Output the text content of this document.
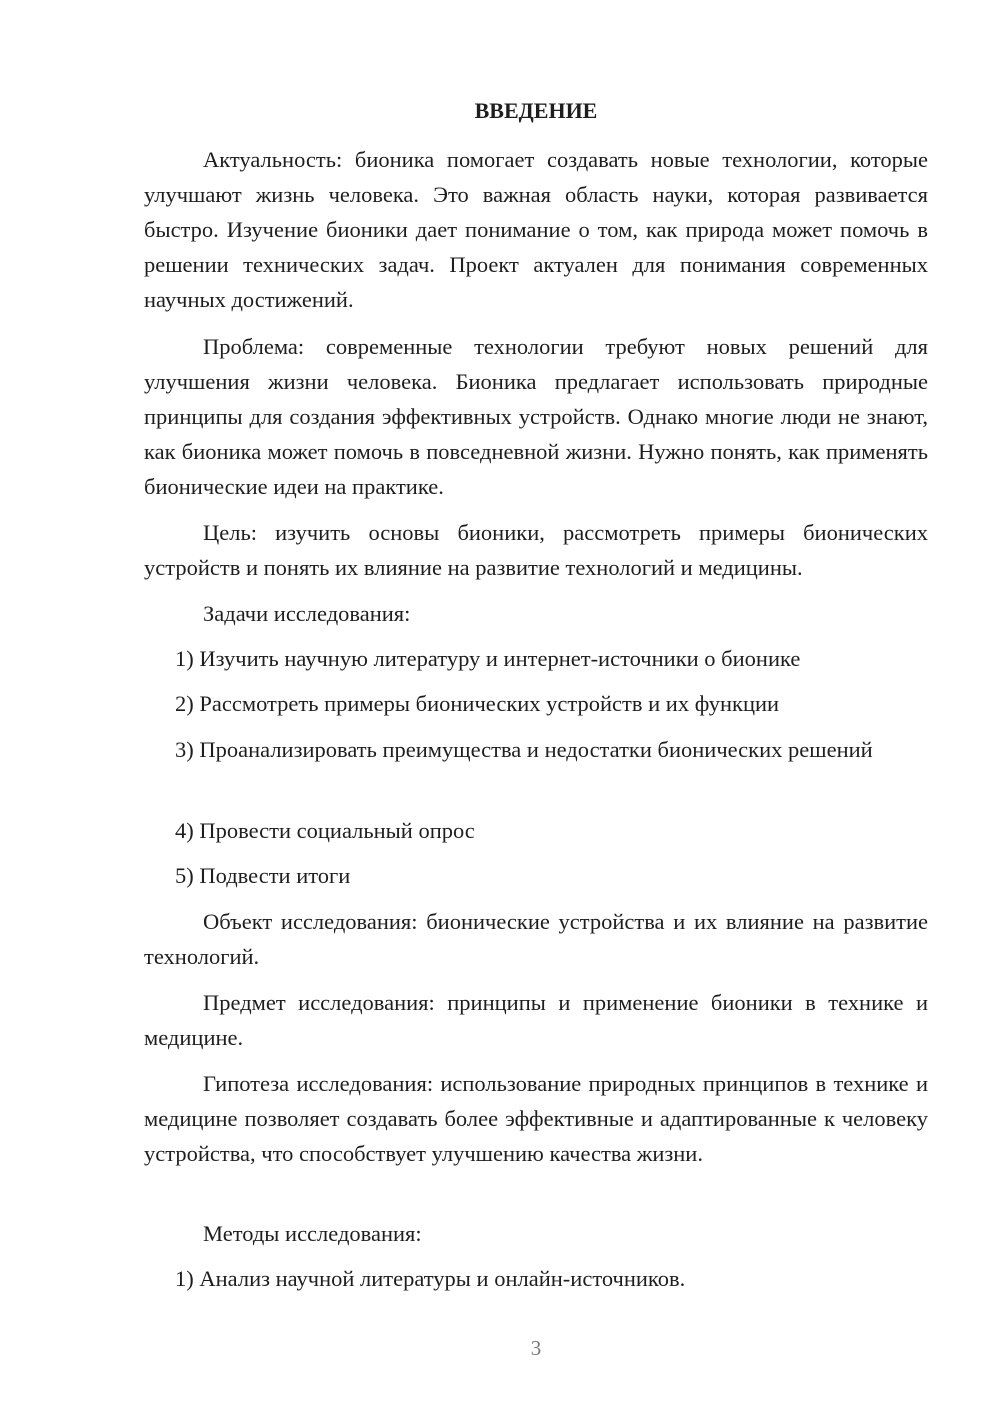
ВВЕДЕНИЕ

Актуальность: бионика помогает создавать новые технологии, которые улучшают жизнь человека. Это важная область науки, которая развивается быстро. Изучение бионики дает понимание о том, как природа может помочь в решении технических задач. Проект актуален для понимания современных научных достижений.

Проблема: современные технологии требуют новых решений для улучшения жизни человека. Бионика предлагает использовать природные принципы для создания эффективных устройств. Однако многие люди не знают, как бионика может помочь в повседневной жизни. Нужно понять, как применять бионические идеи на практике.

Цель: изучить основы бионики, рассмотреть примеры бионических устройств и понять их влияние на развитие технологий и медицины.

Задачи исследования:

1) Изучить научную литературу и интернет-источники о бионике

2) Рассмотреть примеры бионических устройств и их функции

3) Проанализировать преимущества и недостатки бионических решений

4) Провести социальный опрос

5) Подвести итоги

Объект исследования: бионические устройства и их влияние на развитие технологий.

Предмет исследования: принципы и применение бионики в технике и медицине.

Гипотеза исследования: использование природных принципов в технике и медицине позволяет создавать более эффективные и адаптированные к человеку устройства, что способствует улучшению качества жизни.

Методы исследования:

1) Анализ научной литературы и онлайн-источников.

3
